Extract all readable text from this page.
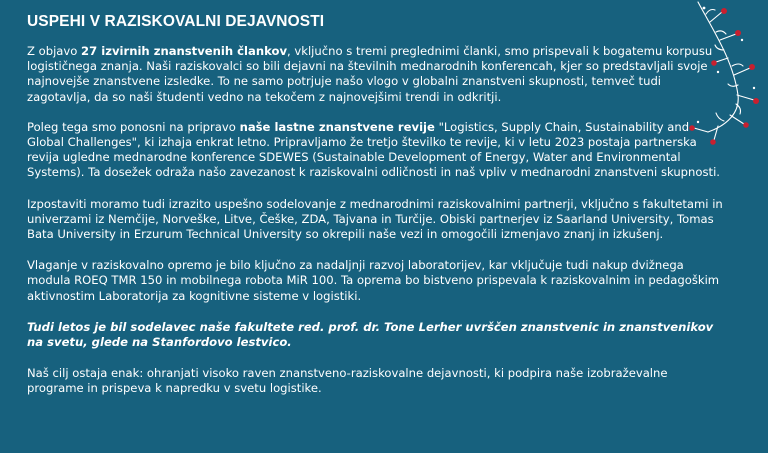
USPEHI V RAZISKOVALNI DEJAVNOSTI

Z objavo 27 izvirnih znanstvenih člankov, vključno s tremi preglednimi članki, smo prispevali k bogatemu korpusu logističnega znanja. Naši raziskovalci so bili dejavni na številnih mednarodnih konferencah, kjer so predstavljali svoje najnovejše znanstvene izsledke. To ne samo potrjuje našo vlogo v globalni znanstveni skupnosti, temveč tudi zagotavlja, da so naši študenti vedno na tekočem z najnovejšimi trendi in odkritji.

Poleg tega smo ponosni na pripravo naše lastne znanstvene revije "Logistics, Supply Chain, Sustainability and Global Challenges", ki izhaja enkrat letno. Pripravljamo že tretjo številko te revije, ki v letu 2023 postaja partnerska revija ugledne mednarodne konference SDEWES (Sustainable Development of Energy, Water and Environmental Systems). Ta dosežek odraža našo zavezanost k raziskovalni odličnosti in naš vpliv v mednarodni znanstveni skupnosti.

Izpostaviti moramo tudi izrazito uspešno sodelovanje z mednarodnimi raziskovalnimi partnerji, vključno s fakultetami in univerzami iz Nemčije, Norveške, Litve, Češke, ZDA, Tajvana in Turčije. Obiski partnerjev iz Saarland University, Tomas Bata University in Erzurum Technical University so okrepili naše vezi in omogočili izmenjavo znanj in izkušenj.

Vlaganje v raziskovalno opremo je bilo ključno za nadaljnji razvoj laboratorijev, kar vključuje tudi nakup dvižnega modula ROEQ TMR 150 in mobilnega robota MiR 100. Ta oprema bo bistveno prispevala k raziskovalnim in pedagoškim aktivnostim Laboratorija za kognitivne sisteme v logistiki.

Tudi letos je bil sodelavec naše fakultete red. prof. dr. Tone Lerher uvrščen znanstvenic in znanstvenikov na svetu, glede na Stanfordovo lestvico.

Naš cilj ostaja enak: ohranjati visoko raven znanstveno-raziskovalne dejavnosti, ki podpira naše izobraževalne programe in prispeva k napredku v svetu logistike.
